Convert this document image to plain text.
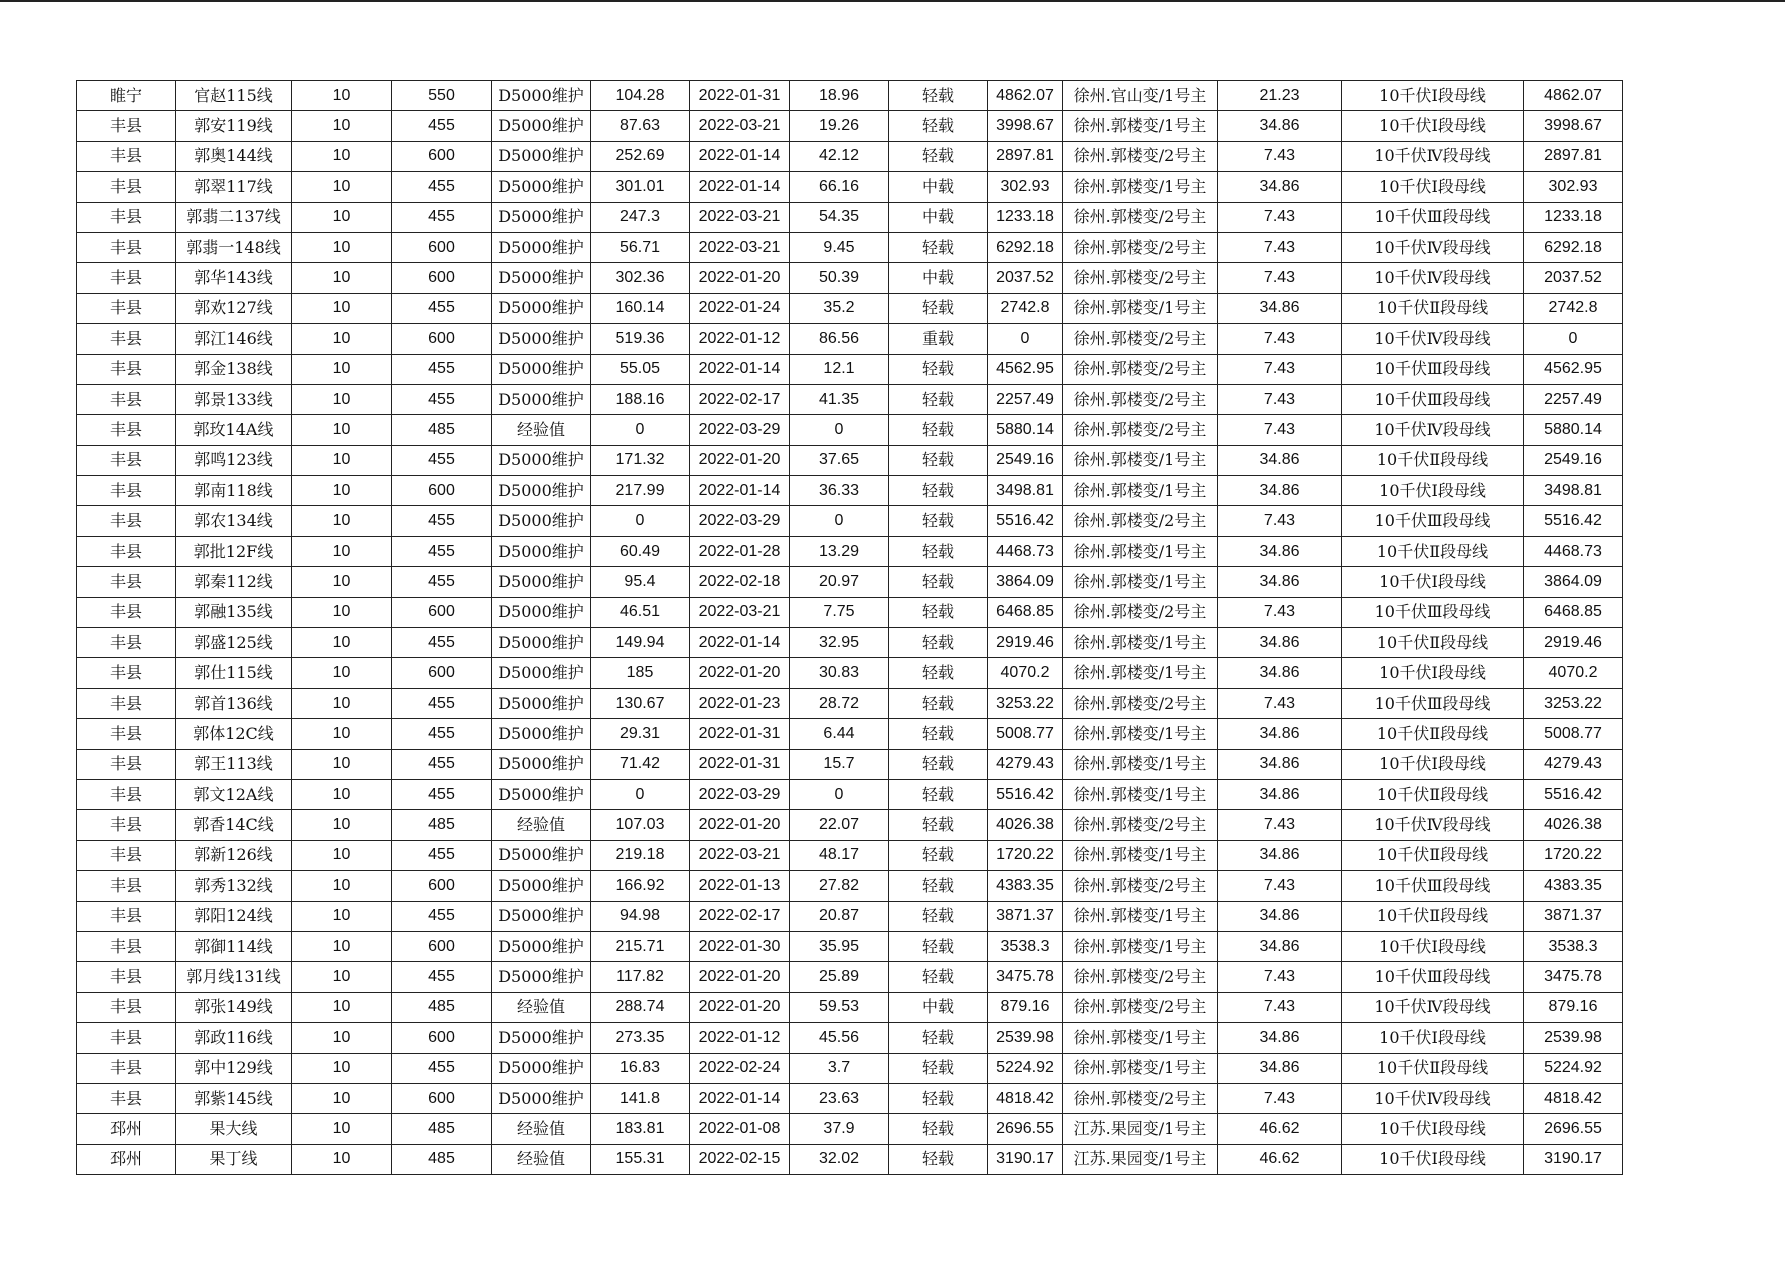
睢宁	官赵115线	10	550	D5000维护	104.28	2022-01-31	18.96	轻载	4862.07	徐州.官山变/1号主	21.23	10千伏Ⅰ段母线	4862.07
丰县	郭安119线	10	455	D5000维护	87.63	2022-03-21	19.26	轻载	3998.67	徐州.郭楼变/1号主	34.86	10千伏Ⅰ段母线	3998.67
丰县	郭奥144线	10	600	D5000维护	252.69	2022-01-14	42.12	轻载	2897.81	徐州.郭楼变/2号主	7.43	10千伏Ⅳ段母线	2897.81
丰县	郭翠117线	10	455	D5000维护	301.01	2022-01-14	66.16	中载	302.93	徐州.郭楼变/1号主	34.86	10千伏Ⅰ段母线	302.93
丰县	郭翡二137线	10	455	D5000维护	247.3	2022-03-21	54.35	中载	1233.18	徐州.郭楼变/2号主	7.43	10千伏Ⅲ段母线	1233.18
丰县	郭翡一148线	10	600	D5000维护	56.71	2022-03-21	9.45	轻载	6292.18	徐州.郭楼变/2号主	7.43	10千伏Ⅳ段母线	6292.18
丰县	郭华143线	10	600	D5000维护	302.36	2022-01-20	50.39	中载	2037.52	徐州.郭楼变/2号主	7.43	10千伏Ⅳ段母线	2037.52
丰县	郭欢127线	10	455	D5000维护	160.14	2022-01-24	35.2	轻载	2742.8	徐州.郭楼变/1号主	34.86	10千伏Ⅱ段母线	2742.8
丰县	郭江146线	10	600	D5000维护	519.36	2022-01-12	86.56	重载	0	徐州.郭楼变/2号主	7.43	10千伏Ⅳ段母线	0
丰县	郭金138线	10	455	D5000维护	55.05	2022-01-14	12.1	轻载	4562.95	徐州.郭楼变/2号主	7.43	10千伏Ⅲ段母线	4562.95
丰县	郭景133线	10	455	D5000维护	188.16	2022-02-17	41.35	轻载	2257.49	徐州.郭楼变/2号主	7.43	10千伏Ⅲ段母线	2257.49
丰县	郭玫14A线	10	485	经验值	0	2022-03-29	0	轻载	5880.14	徐州.郭楼变/2号主	7.43	10千伏Ⅳ段母线	5880.14
丰县	郭鸣123线	10	455	D5000维护	171.32	2022-01-20	37.65	轻载	2549.16	徐州.郭楼变/1号主	34.86	10千伏Ⅱ段母线	2549.16
丰县	郭南118线	10	600	D5000维护	217.99	2022-01-14	36.33	轻载	3498.81	徐州.郭楼变/1号主	34.86	10千伏Ⅰ段母线	3498.81
丰县	郭农134线	10	455	D5000维护	0	2022-03-29	0	轻载	5516.42	徐州.郭楼变/2号主	7.43	10千伏Ⅲ段母线	5516.42
丰县	郭批12F线	10	455	D5000维护	60.49	2022-01-28	13.29	轻载	4468.73	徐州.郭楼变/1号主	34.86	10千伏Ⅱ段母线	4468.73
丰县	郭秦112线	10	455	D5000维护	95.4	2022-02-18	20.97	轻载	3864.09	徐州.郭楼变/1号主	34.86	10千伏Ⅰ段母线	3864.09
丰县	郭融135线	10	600	D5000维护	46.51	2022-03-21	7.75	轻载	6468.85	徐州.郭楼变/2号主	7.43	10千伏Ⅲ段母线	6468.85
丰县	郭盛125线	10	455	D5000维护	149.94	2022-01-14	32.95	轻载	2919.46	徐州.郭楼变/1号主	34.86	10千伏Ⅱ段母线	2919.46
丰县	郭仕115线	10	600	D5000维护	185	2022-01-20	30.83	轻载	4070.2	徐州.郭楼变/1号主	34.86	10千伏Ⅰ段母线	4070.2
丰县	郭首136线	10	455	D5000维护	130.67	2022-01-23	28.72	轻载	3253.22	徐州.郭楼变/2号主	7.43	10千伏Ⅲ段母线	3253.22
丰县	郭体12C线	10	455	D5000维护	29.31	2022-01-31	6.44	轻载	5008.77	徐州.郭楼变/1号主	34.86	10千伏Ⅱ段母线	5008.77
丰县	郭王113线	10	455	D5000维护	71.42	2022-01-31	15.7	轻载	4279.43	徐州.郭楼变/1号主	34.86	10千伏Ⅰ段母线	4279.43
丰县	郭文12A线	10	455	D5000维护	0	2022-03-29	0	轻载	5516.42	徐州.郭楼变/1号主	34.86	10千伏Ⅱ段母线	5516.42
丰县	郭香14C线	10	485	经验值	107.03	2022-01-20	22.07	轻载	4026.38	徐州.郭楼变/2号主	7.43	10千伏Ⅳ段母线	4026.38
丰县	郭新126线	10	455	D5000维护	219.18	2022-03-21	48.17	轻载	1720.22	徐州.郭楼变/1号主	34.86	10千伏Ⅱ段母线	1720.22
丰县	郭秀132线	10	600	D5000维护	166.92	2022-01-13	27.82	轻载	4383.35	徐州.郭楼变/2号主	7.43	10千伏Ⅲ段母线	4383.35
丰县	郭阳124线	10	455	D5000维护	94.98	2022-02-17	20.87	轻载	3871.37	徐州.郭楼变/1号主	34.86	10千伏Ⅱ段母线	3871.37
丰县	郭御114线	10	600	D5000维护	215.71	2022-01-30	35.95	轻载	3538.3	徐州.郭楼变/1号主	34.86	10千伏Ⅰ段母线	3538.3
丰县	郭月线131线	10	455	D5000维护	117.82	2022-01-20	25.89	轻载	3475.78	徐州.郭楼变/2号主	7.43	10千伏Ⅲ段母线	3475.78
丰县	郭张149线	10	485	经验值	288.74	2022-01-20	59.53	中载	879.16	徐州.郭楼变/2号主	7.43	10千伏Ⅳ段母线	879.16
丰县	郭政116线	10	600	D5000维护	273.35	2022-01-12	45.56	轻载	2539.98	徐州.郭楼变/1号主	34.86	10千伏Ⅰ段母线	2539.98
丰县	郭中129线	10	455	D5000维护	16.83	2022-02-24	3.7	轻载	5224.92	徐州.郭楼变/1号主	34.86	10千伏Ⅱ段母线	5224.92
丰县	郭紫145线	10	600	D5000维护	141.8	2022-01-14	23.63	轻载	4818.42	徐州.郭楼变/2号主	7.43	10千伏Ⅳ段母线	4818.42
邳州	果大线	10	485	经验值	183.81	2022-01-08	37.9	轻载	2696.55	江苏.果园变/1号主	46.62	10千伏Ⅰ段母线	2696.55
邳州	果丁线	10	485	经验值	155.31	2022-02-15	32.02	轻载	3190.17	江苏.果园变/1号主	46.62	10千伏Ⅰ段母线	3190.17
